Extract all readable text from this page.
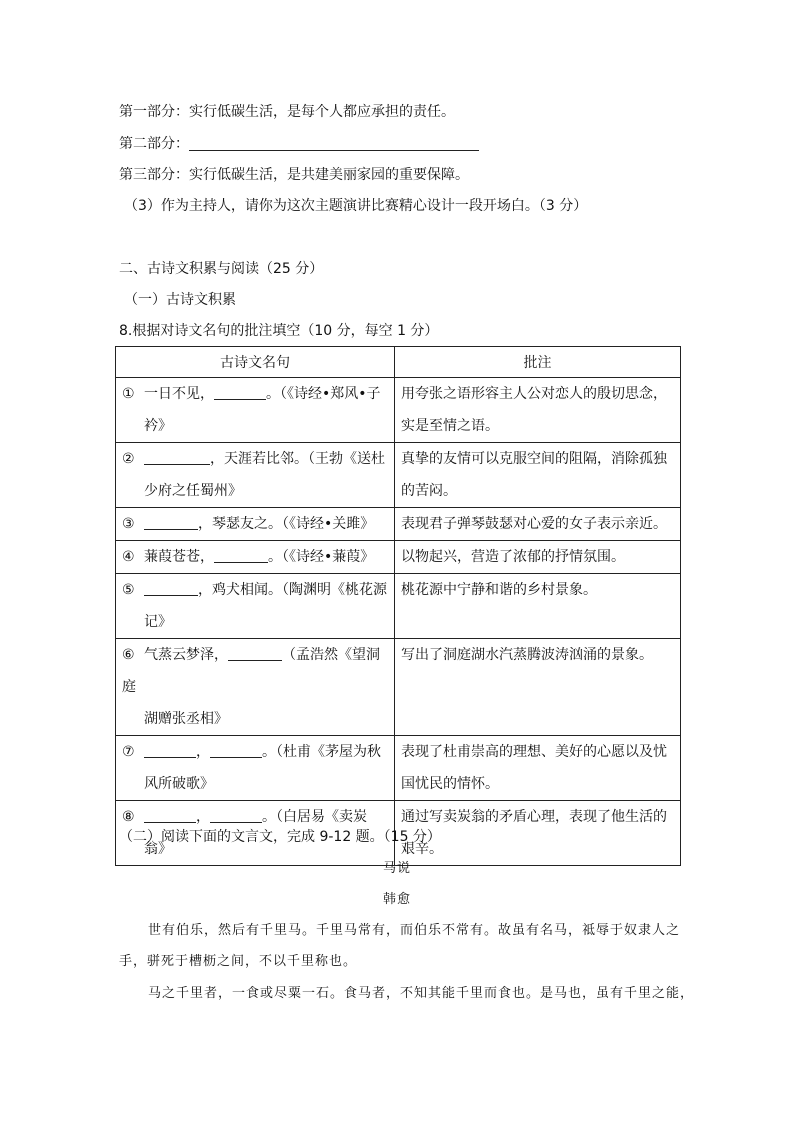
第一部分：实行低碳生活，是每个人都应承担的责任。
第二部分：
第三部分：实行低碳生活，是共建美丽家园的重要保障。
（3）作为主持人，请你为这次主题演讲比赛精心设计一段开场白。（3 分）
二、古诗文积累与阅读（25 分）
（一）古诗文积累
8.根据对诗文名句的批注填空（10 分，每空 1 分）
古诗文名句	批注
① 一日不见， 。（《诗经•郑风•子
衿》	用夸张之语形容主人公对恋人的殷切思念，
实是至情之语。

② ，天涯若比邻。（王勃《送杜
少府之任蜀州》	真挚的友情可以克服空间的阻隔，消除孤独
的苦闷。

③ ，琴瑟友之。（《诗经•关雎》	表现君子弹琴鼓瑟对心爱的女子表示亲近。

④ 蒹葭苍苍， 。（《诗经•蒹葭》	以物起兴，营造了浓郁的抒情氛围。

⑤ ，鸡犬相闻。（陶渊明《桃花源
记》	桃花源中宁静和谐的乡村景象。

⑥ 气蒸云梦泽， （孟浩然《望洞庭
湖赠张丞相》	写出了洞庭湖水汽蒸腾波涛汹涌的景象。

⑦ ， 。（杜甫《茅屋为秋
风所破歌》	表现了杜甫崇高的理想、美好的心愿以及忧
国忧民的情怀。

⑧ ， 。（白居易《卖炭
翁》	通过写卖炭翁的矛盾心理，表现了他生活的
艰辛。
（二）阅读下面的文言文，完成 9-12 题。（15 分）
马说
韩愈
世有伯乐，然后有千里马。千里马常有，而伯乐不常有。故虽有名马，祗辱于奴隶人之
手，骈死于槽枥之间，不以千里称也。
马之千里者，一食或尽粟一石。食马者，不知其能千里而食也。是马也，虽有千里之能，
